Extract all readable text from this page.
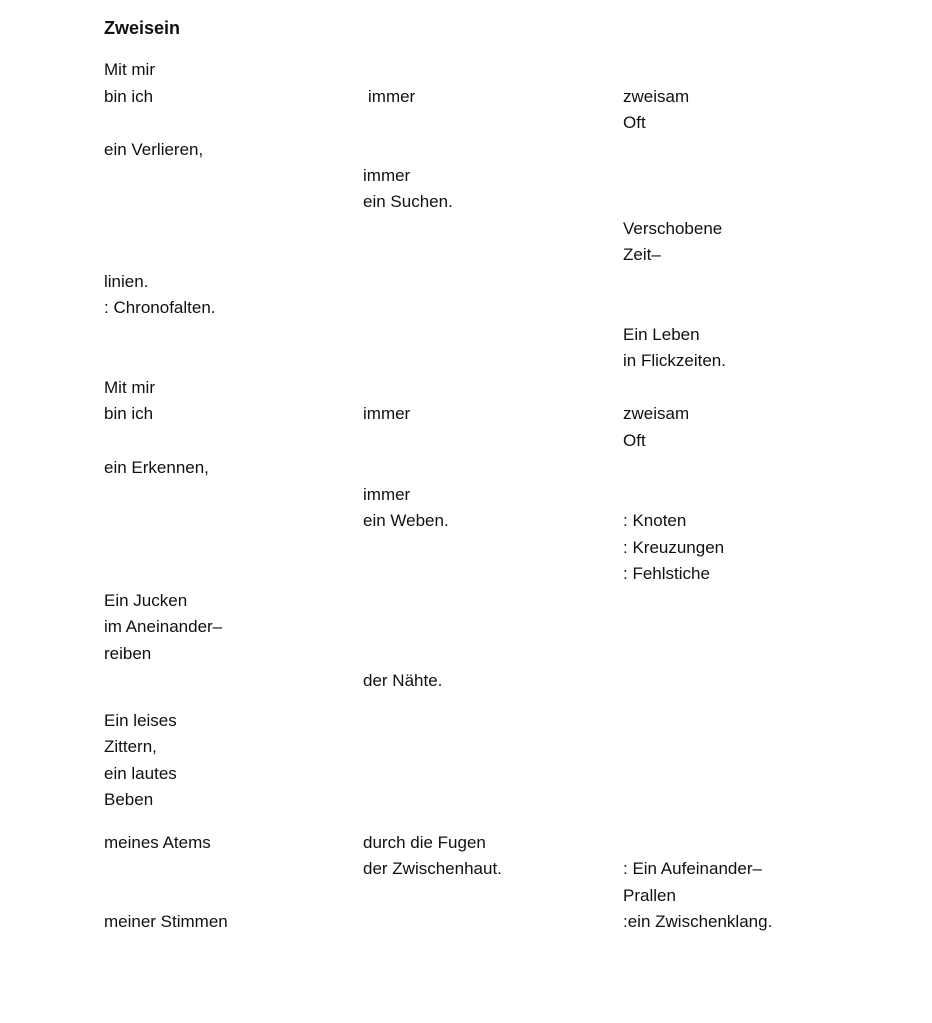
Zweisein

Mit mir

bin ich	immer	zweisam

Oft

ein Verlieren,

immer

ein Suchen.

Verschobene

Zeit–

linien.

: Chronofalten.

Ein Leben

in Flickzeiten.

Mit mir

bin ich	immer	zweisam

Oft

ein Erkennen,

immer

ein Weben.	: Knoten

: Kreuzungen

: Fehlstiche

Ein Jucken

im Aneinander–

reiben

der Nähte.

Ein leises

Zittern,

ein lautes

Beben

meines Atems	durch die Fugen

der Zwischenhaut.	: Ein Aufeinander–

Prallen

meiner Stimmen	:ein Zwischenklang.
